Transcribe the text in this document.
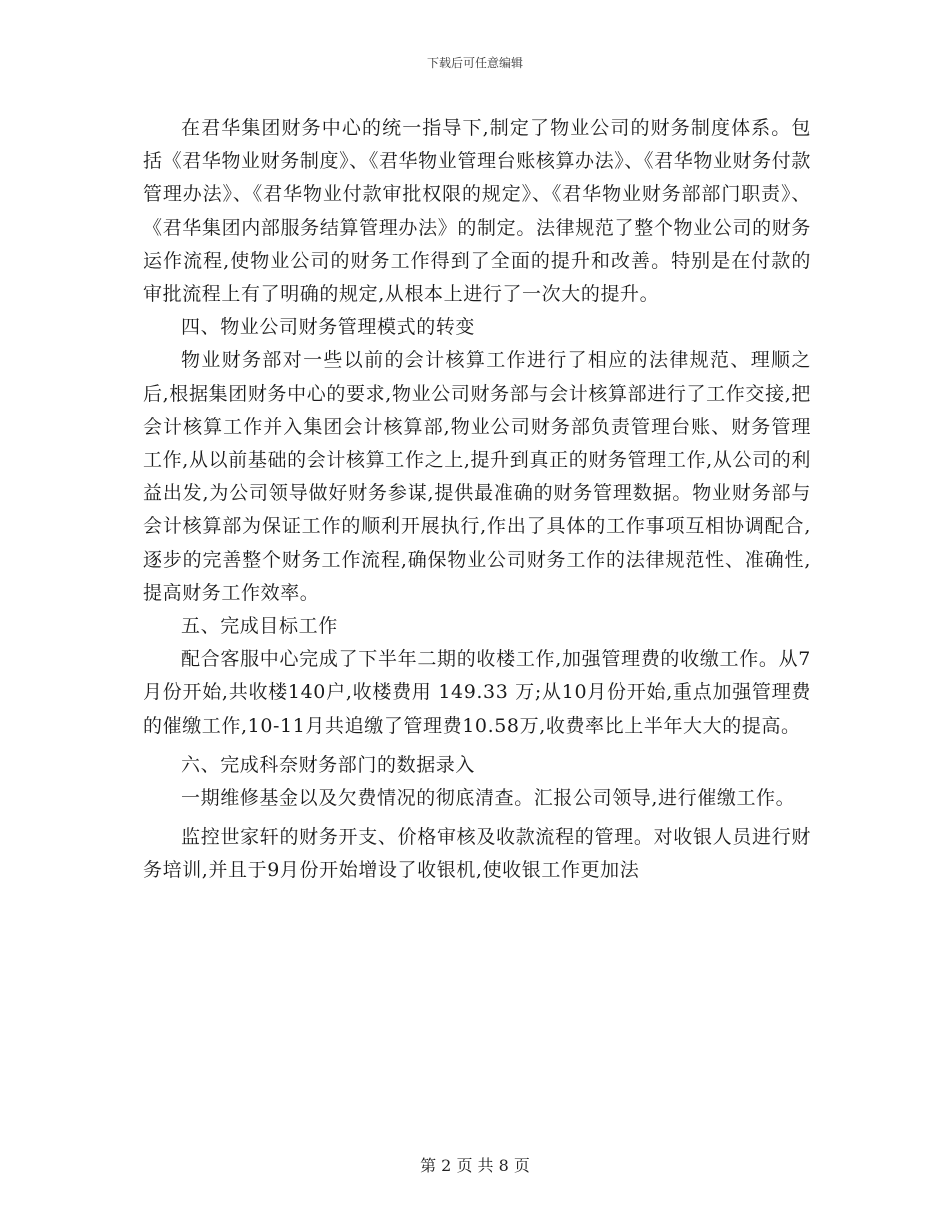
下载后可任意编辑

在君华集团财务中心的统一指导下,制定了物业公司的财务制度体系。包括《君华物业财务制度》、《君华物业管理台账核算办法》、《君华物业财务付款管理办法》、《君华物业付款审批权限的规定》、《君华物业财务部部门职责》、《君华集团内部服务结算管理办法》的制定。法律规范了整个物业公司的财务运作流程,使物业公司的财务工作得到了全面的提升和改善。特别是在付款的审批流程上有了明确的规定,从根本上进行了一次大的提升。

四、物业公司财务管理模式的转变

物业财务部对一些以前的会计核算工作进行了相应的法律规范、理顺之后,根据集团财务中心的要求,物业公司财务部与会计核算部进行了工作交接,把会计核算工作并入集团会计核算部,物业公司财务部负责管理台账、财务管理工作,从以前基础的会计核算工作之上,提升到真正的财务管理工作,从公司的利益出发,为公司领导做好财务参谋,提供最准确的财务管理数据。物业财务部与会计核算部为保证工作的顺利开展执行,作出了具体的工作事项互相协调配合,逐步的完善整个财务工作流程,确保物业公司财务工作的法律规范性、准确性,提高财务工作效率。

五、完成目标工作

配合客服中心完成了下半年二期的收楼工作,加强管理费的收缴工作。从7月份开始,共收楼140户,收楼费用 149.33 万;从10月份开始,重点加强管理费的催缴工作,10-11月共追缴了管理费10.58万,收费率比上半年大大的提高。

六、完成科奈财务部门的数据录入

一期维修基金以及欠费情况的彻底清查。汇报公司领导,进行催缴工作。

监控世家轩的财务开支、价格审核及收款流程的管理。对收银人员进行财务培训,并且于9月份开始增设了收银机,使收银工作更加法

第 2 页 共 8 页
